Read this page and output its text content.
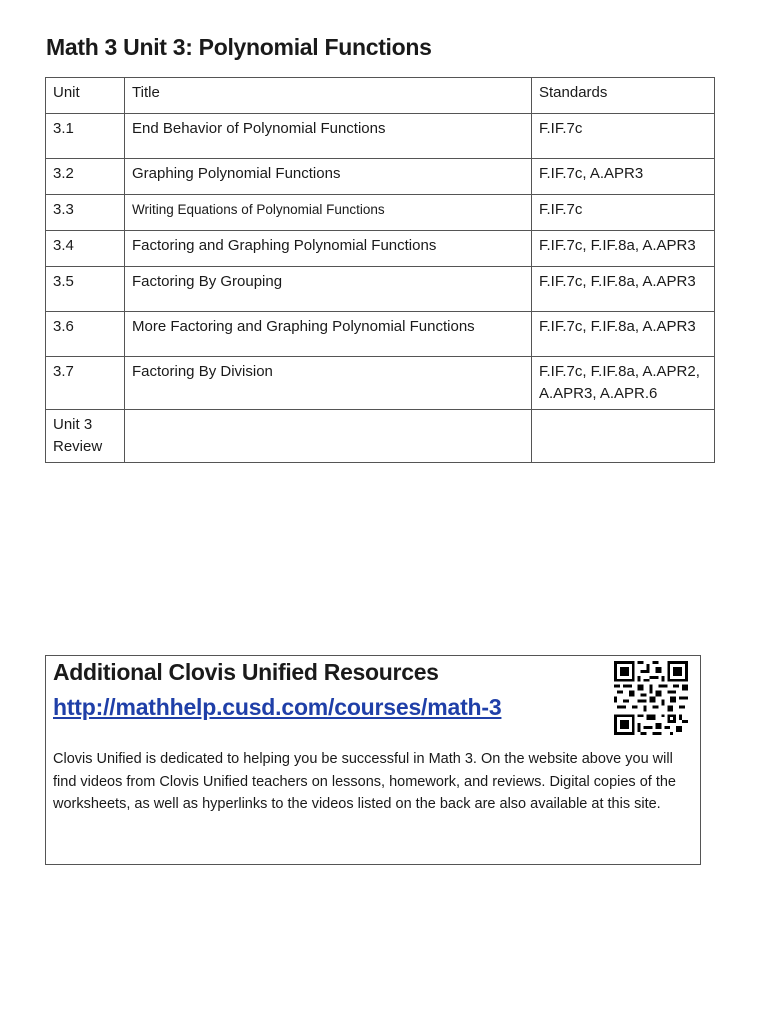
Math 3 Unit 3: Polynomial Functions
Unit	Title	Standards
3.1	End Behavior of Polynomial Functions	F.IF.7c
3.2	Graphing Polynomial Functions	F.IF.7c, A.APR3
3.3	Writing Equations of Polynomial Functions	F.IF.7c
3.4	Factoring and Graphing Polynomial Functions	F.IF.7c, F.IF.8a, A.APR3
3.5	Factoring By Grouping	F.IF.7c, F.IF.8a, A.APR3
3.6	More Factoring and Graphing Polynomial Functions	F.IF.7c, F.IF.8a, A.APR3
3.7	Factoring By Division	F.IF.7c, F.IF.8a, A.APR2, A.APR3, A.APR.6
Unit 3 Review		
Additional Clovis Unified Resources
http://mathhelp.cusd.com/courses/math-3
Clovis Unified is dedicated to helping you be successful in Math 3. On the website above you will find videos from Clovis Unified teachers on lessons, homework, and reviews. Digital copies of the worksheets, as well as hyperlinks to the videos listed on the back are also available at this site.
